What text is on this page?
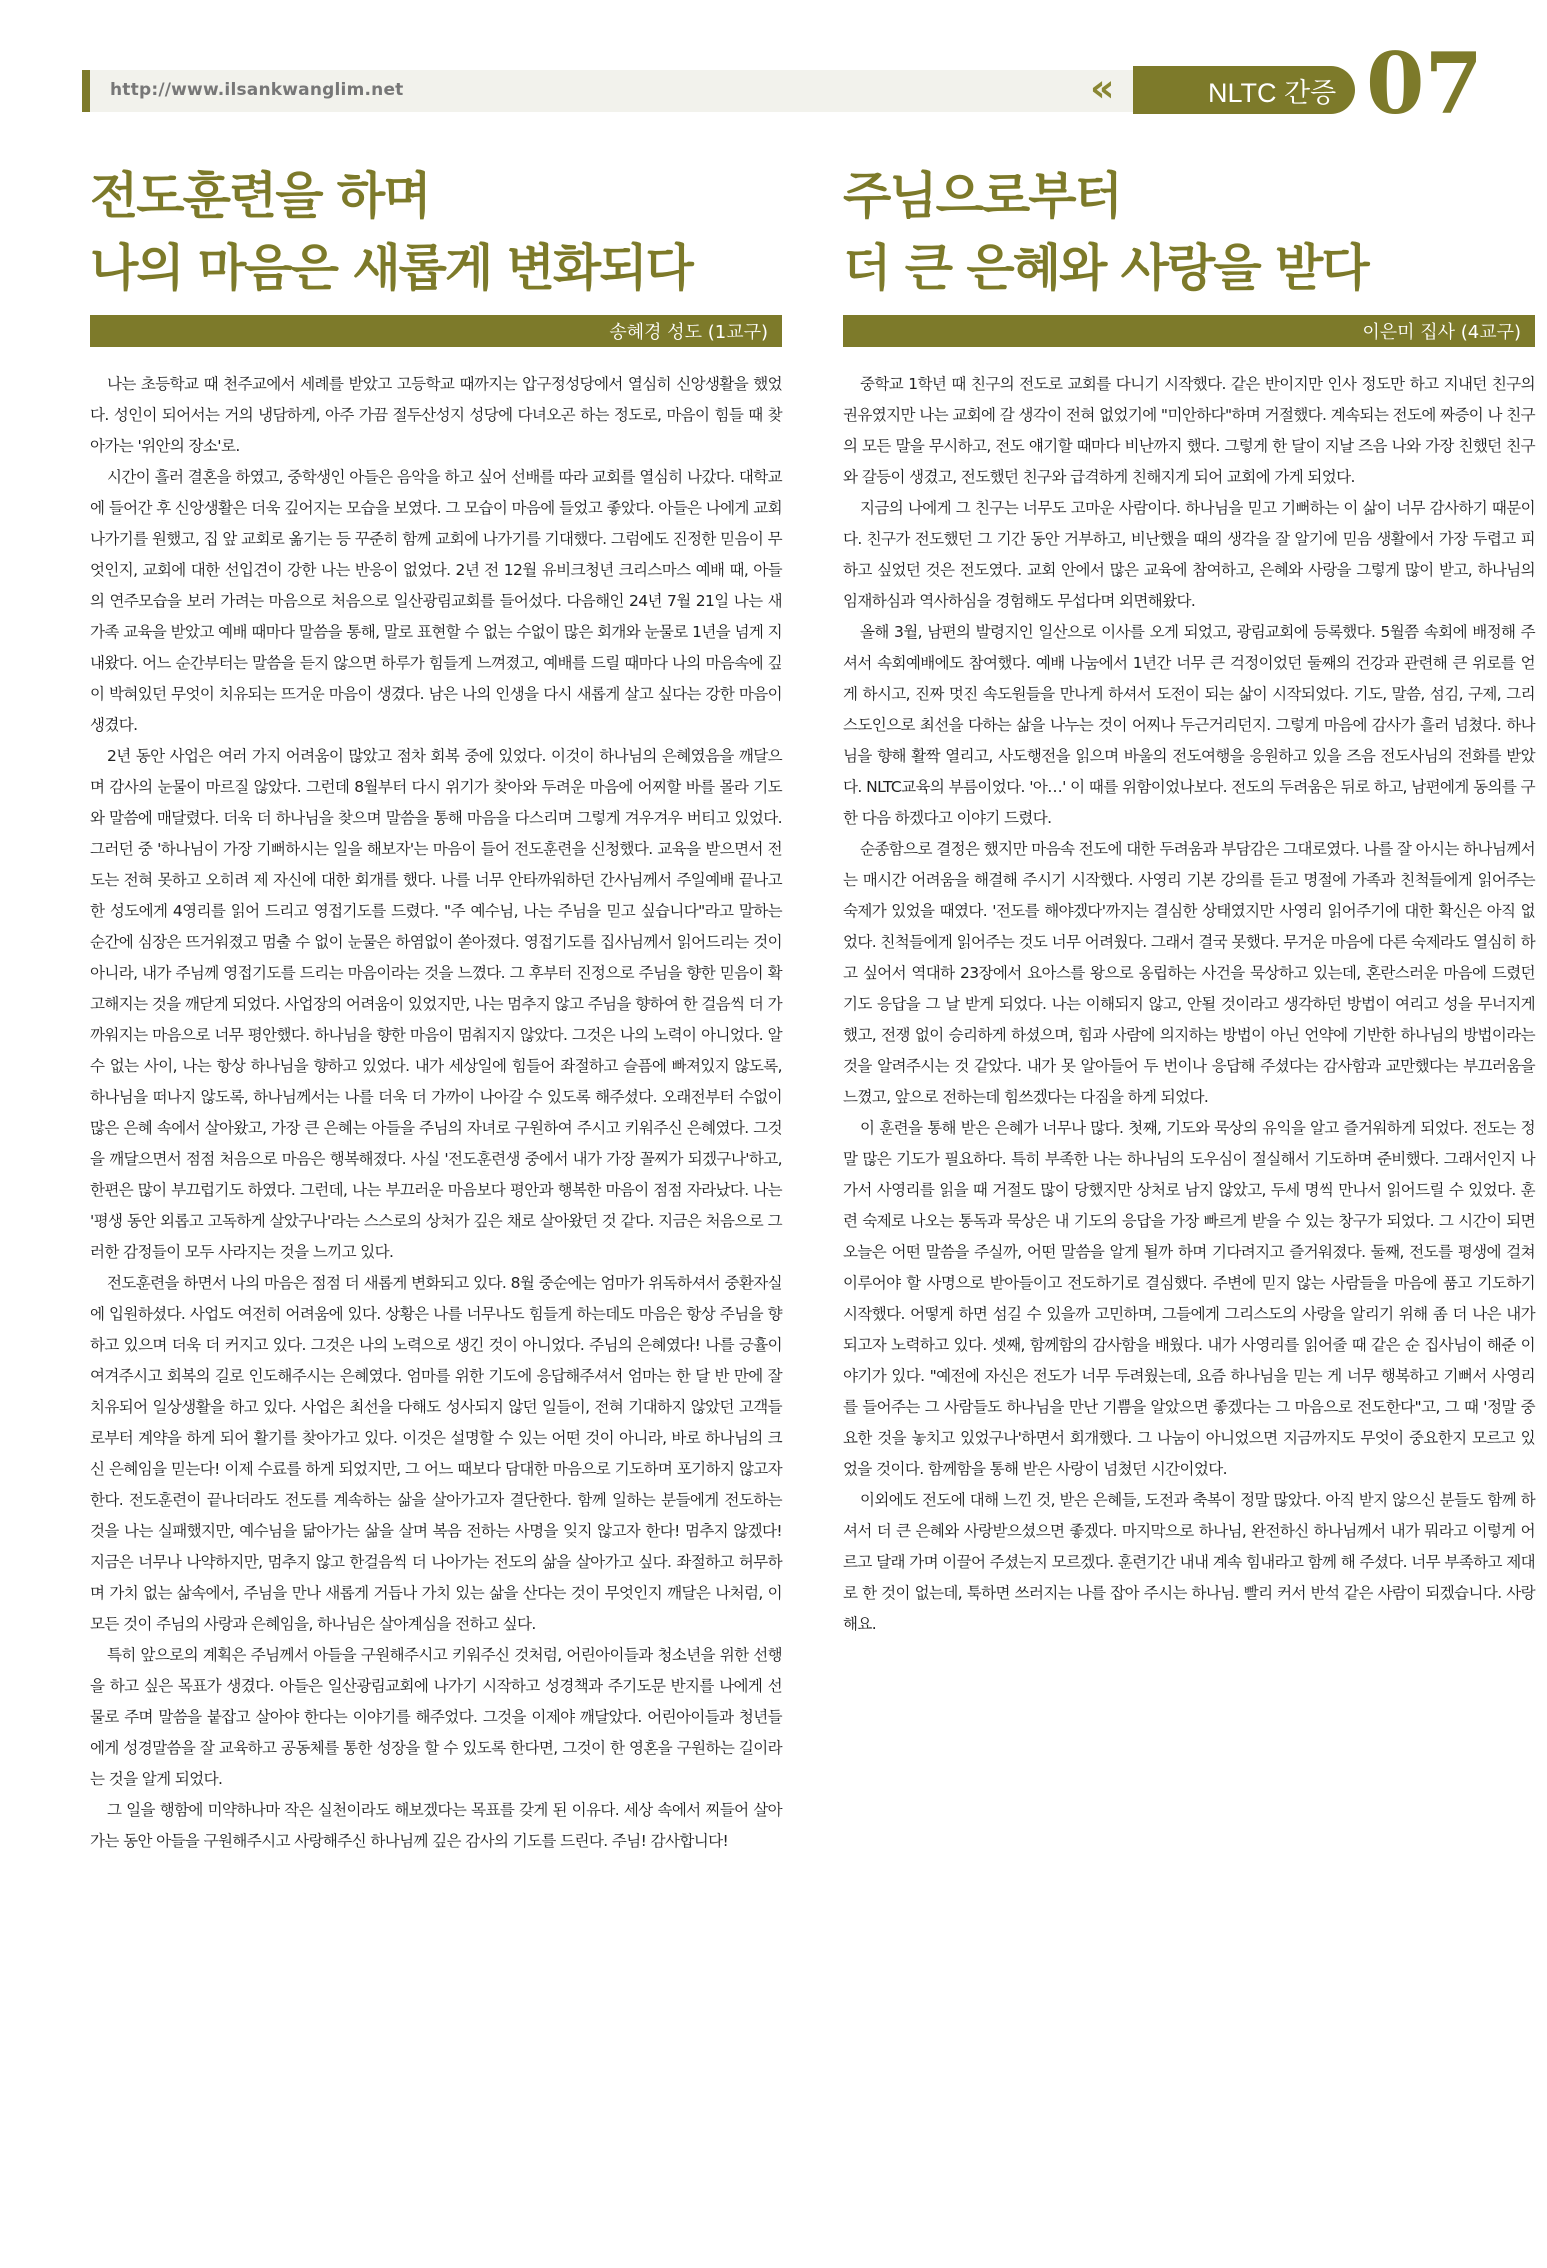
http://www.ilsankwanglim.net	«	NLTC 간증 07
전도훈련을 하며
나의 마음은 새롭게 변화되다
송혜경 성도 (1교구)

나는 초등학교 때 천주교에서 세례를 받았고 고등학교 때까지는 압구정성당에서 열심히 신앙생활을 했었다. 성인이 되어서는 거의 냉담하게, 아주 가끔 절두산성지 성당에 다녀오곤 하는 정도로, 마음이 힘들 때 찾아가는 '위안의 장소'로.

시간이 흘러 결혼을 하였고, 중학생인 아들은 음악을 하고 싶어 선배를 따라 교회를 열심히 나갔다. 대학교에 들어간 후 신앙생활은 더욱 깊어지는 모습을 보였다. 그 모습이 마음에 들었고 좋았다. 아들은 나에게 교회 나가기를 원했고, 집 앞 교회로 옮기는 등 꾸준히 함께 교회에 나가기를 기대했다. 그럼에도 진정한 믿음이 무엇인지, 교회에 대한 선입견이 강한 나는 반응이 없었다. 2년 전 12월 유비크청년 크리스마스 예배 때, 아들의 연주모습을 보러 가려는 마음으로 처음으로 일산광림교회를 들어섰다. 다음해인 24년 7월 21일 나는 새가족 교육을 받았고 예배 때마다 말씀을 통해, 말로 표현할 수 없는 수없이 많은 회개와 눈물로 1년을 넘게 지내왔다. 어느 순간부터는 말씀을 듣지 않으면 하루가 힘들게 느껴졌고, 예배를 드릴 때마다 나의 마음속에 깊이 박혀있던 무엇이 치유되는 뜨거운 마음이 생겼다. 남은 나의 인생을 다시 새롭게 살고 싶다는 강한 마음이 생겼다.

2년 동안 사업은 여러 가지 어려움이 많았고 점차 회복 중에 있었다. 이것이 하나님의 은혜였음을 깨달으며 감사의 눈물이 마르질 않았다. 그런데 8월부터 다시 위기가 찾아와 두려운 마음에 어찌할 바를 몰라 기도와 말씀에 매달렸다. 더욱 더 하나님을 찾으며 말씀을 통해 마음을 다스리며 그렇게 겨우겨우 버티고 있었다. 그러던 중 '하나님이 가장 기뻐하시는 일을 해보자'는 마음이 들어 전도훈련을 신청했다. 교육을 받으면서 전도는 전혀 못하고 오히려 제 자신에 대한 회개를 했다. 나를 너무 안타까워하던 간사님께서 주일예배 끝나고 한 성도에게 4영리를 읽어 드리고 영접기도를 드렸다. "주 예수님, 나는 주님을 믿고 싶습니다"라고 말하는 순간에 심장은 뜨거워졌고 멈출 수 없이 눈물은 하염없이 쏟아졌다. 영접기도를 집사님께서 읽어드리는 것이 아니라, 내가 주님께 영접기도를 드리는 마음이라는 것을 느꼈다. 그 후부터 진정으로 주님을 향한 믿음이 확고해지는 것을 깨닫게 되었다. 사업장의 어려움이 있었지만, 나는 멈추지 않고 주님을 향하여 한 걸음씩 더 가까워지는 마음으로 너무 평안했다. 하나님을 향한 마음이 멈춰지지 않았다. 그것은 나의 노력이 아니었다. 알 수 없는 사이, 나는 항상 하나님을 향하고 있었다. 내가 세상일에 힘들어 좌절하고 슬픔에 빠져있지 않도록, 하나님을 떠나지 않도록, 하나님께서는 나를 더욱 더 가까이 나아갈 수 있도록 해주셨다. 오래전부터 수없이 많은 은혜 속에서 살아왔고, 가장 큰 은혜는 아들을 주님의 자녀로 구원하여 주시고 키워주신 은혜였다. 그것을 깨달으면서 점점 처음으로 마음은 행복해졌다. 사실 '전도훈련생 중에서 내가 가장 꼴찌가 되겠구나'하고, 한편은 많이 부끄럽기도 하였다. 그런데, 나는 부끄러운 마음보다 평안과 행복한 마음이 점점 자라났다. 나는 '평생 동안 외롭고 고독하게 살았구나'라는 스스로의 상처가 깊은 채로 살아왔던 것 같다. 지금은 처음으로 그러한 감정들이 모두 사라지는 것을 느끼고 있다.

전도훈련을 하면서 나의 마음은 점점 더 새롭게 변화되고 있다. 8월 중순에는 엄마가 위독하셔서 중환자실에 입원하셨다. 사업도 여전히 어려움에 있다. 상황은 나를 너무나도 힘들게 하는데도 마음은 항상 주님을 향하고 있으며 더욱 더 커지고 있다. 그것은 나의 노력으로 생긴 것이 아니었다. 주님의 은혜였다! 나를 긍휼이 여겨주시고 회복의 길로 인도해주시는 은혜였다. 엄마를 위한 기도에 응답해주셔서 엄마는 한 달 반 만에 잘 치유되어 일상생활을 하고 있다. 사업은 최선을 다해도 성사되지 않던 일들이, 전혀 기대하지 않았던 고객들로부터 계약을 하게 되어 활기를 찾아가고 있다. 이것은 설명할 수 있는 어떤 것이 아니라, 바로 하나님의 크신 은혜임을 믿는다! 이제 수료를 하게 되었지만, 그 어느 때보다 담대한 마음으로 기도하며 포기하지 않고자 한다. 전도훈련이 끝나더라도 전도를 계속하는 삶을 살아가고자 결단한다. 함께 일하는 분들에게 전도하는 것을 나는 실패했지만, 예수님을 닮아가는 삶을 살며 복음 전하는 사명을 잊지 않고자 한다! 멈추지 않겠다! 지금은 너무나 나약하지만, 멈추지 않고 한걸음씩 더 나아가는 전도의 삶을 살아가고 싶다. 좌절하고 허무하며 가치 없는 삶속에서, 주님을 만나 새롭게 거듭나 가치 있는 삶을 산다는 것이 무엇인지 깨달은 나처럼, 이 모든 것이 주님의 사랑과 은혜임을, 하나님은 살아계심을 전하고 싶다.

특히 앞으로의 계획은 주님께서 아들을 구원해주시고 키워주신 것처럼, 어린아이들과 청소년을 위한 선행을 하고 싶은 목표가 생겼다. 아들은 일산광림교회에 나가기 시작하고 성경책과 주기도문 반지를 나에게 선물로 주며 말씀을 붙잡고 살아야 한다는 이야기를 해주었다. 그것을 이제야 깨달았다. 어린아이들과 청년들에게 성경말씀을 잘 교육하고 공동체를 통한 성장을 할 수 있도록 한다면, 그것이 한 영혼을 구원하는 길이라는 것을 알게 되었다.

그 일을 행함에 미약하나마 작은 실천이라도 해보겠다는 목표를 갖게 된 이유다. 세상 속에서 찌들어 살아가는 동안 아들을 구원해주시고 사랑해주신 하나님께 깊은 감사의 기도를 드린다. 주님! 감사합니다!

주님으로부터
더 큰 은혜와 사랑을 받다
이은미 집사 (4교구)

중학교 1학년 때 친구의 전도로 교회를 다니기 시작했다. 같은 반이지만 인사 정도만 하고 지내던 친구의 권유였지만 나는 교회에 갈 생각이 전혀 없었기에 "미안하다"하며 거절했다. 계속되는 전도에 짜증이 나 친구의 모든 말을 무시하고, 전도 얘기할 때마다 비난까지 했다. 그렇게 한 달이 지날 즈음 나와 가장 친했던 친구와 갈등이 생겼고, 전도했던 친구와 급격하게 친해지게 되어 교회에 가게 되었다.

지금의 나에게 그 친구는 너무도 고마운 사람이다. 하나님을 믿고 기뻐하는 이 삶이 너무 감사하기 때문이다. 친구가 전도했던 그 기간 동안 거부하고, 비난했을 때의 생각을 잘 알기에 믿음 생활에서 가장 두렵고 피하고 싶었던 것은 전도였다. 교회 안에서 많은 교육에 참여하고, 은혜와 사랑을 그렇게 많이 받고, 하나님의 임재하심과 역사하심을 경험해도 무섭다며 외면해왔다.

올해 3월, 남편의 발령지인 일산으로 이사를 오게 되었고, 광림교회에 등록했다. 5월쯤 속회에 배정해 주셔서 속회예배에도 참여했다. 예배 나눔에서 1년간 너무 큰 걱정이었던 둘째의 건강과 관련해 큰 위로를 얻게 하시고, 진짜 멋진 속도원들을 만나게 하셔서 도전이 되는 삶이 시작되었다. 기도, 말씀, 섬김, 구제, 그리스도인으로 최선을 다하는 삶을 나누는 것이 어찌나 두근거리던지. 그렇게 마음에 감사가 흘러 넘쳤다. 하나님을 향해 활짝 열리고, 사도행전을 읽으며 바울의 전도여행을 응원하고 있을 즈음 전도사님의 전화를 받았다. NLTC교육의 부름이었다. '아…' 이 때를 위함이었나보다. 전도의 두려움은 뒤로 하고, 남편에게 동의를 구한 다음 하겠다고 이야기 드렸다.

순종함으로 결정은 했지만 마음속 전도에 대한 두려움과 부담감은 그대로였다. 나를 잘 아시는 하나님께서는 매시간 어려움을 해결해 주시기 시작했다. 사영리 기본 강의를 듣고 명절에 가족과 친척들에게 읽어주는 숙제가 있었을 때였다. '전도를 해야겠다'까지는 결심한 상태였지만 사영리 읽어주기에 대한 확신은 아직 없었다. 친척들에게 읽어주는 것도 너무 어려웠다. 그래서 결국 못했다. 무거운 마음에 다른 숙제라도 열심히 하고 싶어서 역대하 23장에서 요아스를 왕으로 옹립하는 사건을 묵상하고 있는데, 혼란스러운 마음에 드렸던 기도 응답을 그 날 받게 되었다. 나는 이해되지 않고, 안될 것이라고 생각하던 방법이 여리고 성을 무너지게 했고, 전쟁 없이 승리하게 하셨으며, 힘과 사람에 의지하는 방법이 아닌 언약에 기반한 하나님의 방법이라는 것을 알려주시는 것 같았다. 내가 못 알아들어 두 번이나 응답해 주셨다는 감사함과 교만했다는 부끄러움을 느꼈고, 앞으로 전하는데 힘쓰겠다는 다짐을 하게 되었다.

이 훈련을 통해 받은 은혜가 너무나 많다. 첫째, 기도와 묵상의 유익을 알고 즐거워하게 되었다. 전도는 정말 많은 기도가 필요하다. 특히 부족한 나는 하나님의 도우심이 절실해서 기도하며 준비했다. 그래서인지 나가서 사영리를 읽을 때 거절도 많이 당했지만 상처로 남지 않았고, 두세 명씩 만나서 읽어드릴 수 있었다. 훈련 숙제로 나오는 통독과 묵상은 내 기도의 응답을 가장 빠르게 받을 수 있는 창구가 되었다. 그 시간이 되면 오늘은 어떤 말씀을 주실까, 어떤 말씀을 알게 될까 하며 기다려지고 즐거워졌다. 둘째, 전도를 평생에 걸쳐 이루어야 할 사명으로 받아들이고 전도하기로 결심했다. 주변에 믿지 않는 사람들을 마음에 품고 기도하기 시작했다. 어떻게 하면 섬길 수 있을까 고민하며, 그들에게 그리스도의 사랑을 알리기 위해 좀 더 나은 내가 되고자 노력하고 있다. 셋째, 함께함의 감사함을 배웠다. 내가 사영리를 읽어줄 때 같은 순 집사님이 해준 이야기가 있다. "예전에 자신은 전도가 너무 두려웠는데, 요즘 하나님을 믿는 게 너무 행복하고 기뻐서 사영리를 들어주는 그 사람들도 하나님을 만난 기쁨을 알았으면 좋겠다는 그 마음으로 전도한다"고, 그 때 '정말 중요한 것을 놓치고 있었구나'하면서 회개했다. 그 나눔이 아니었으면 지금까지도 무엇이 중요한지 모르고 있었을 것이다. 함께함을 통해 받은 사랑이 넘쳤던 시간이었다.

이외에도 전도에 대해 느낀 것, 받은 은혜들, 도전과 축복이 정말 많았다. 아직 받지 않으신 분들도 함께 하셔서 더 큰 은혜와 사랑받으셨으면 좋겠다. 마지막으로 하나님, 완전하신 하나님께서 내가 뭐라고 이렇게 어르고 달래 가며 이끌어 주셨는지 모르겠다. 훈련기간 내내 계속 힘내라고 함께 해 주셨다. 너무 부족하고 제대로 한 것이 없는데, 툭하면 쓰러지는 나를 잡아 주시는 하나님. 빨리 커서 반석 같은 사람이 되겠습니다. 사랑해요.
